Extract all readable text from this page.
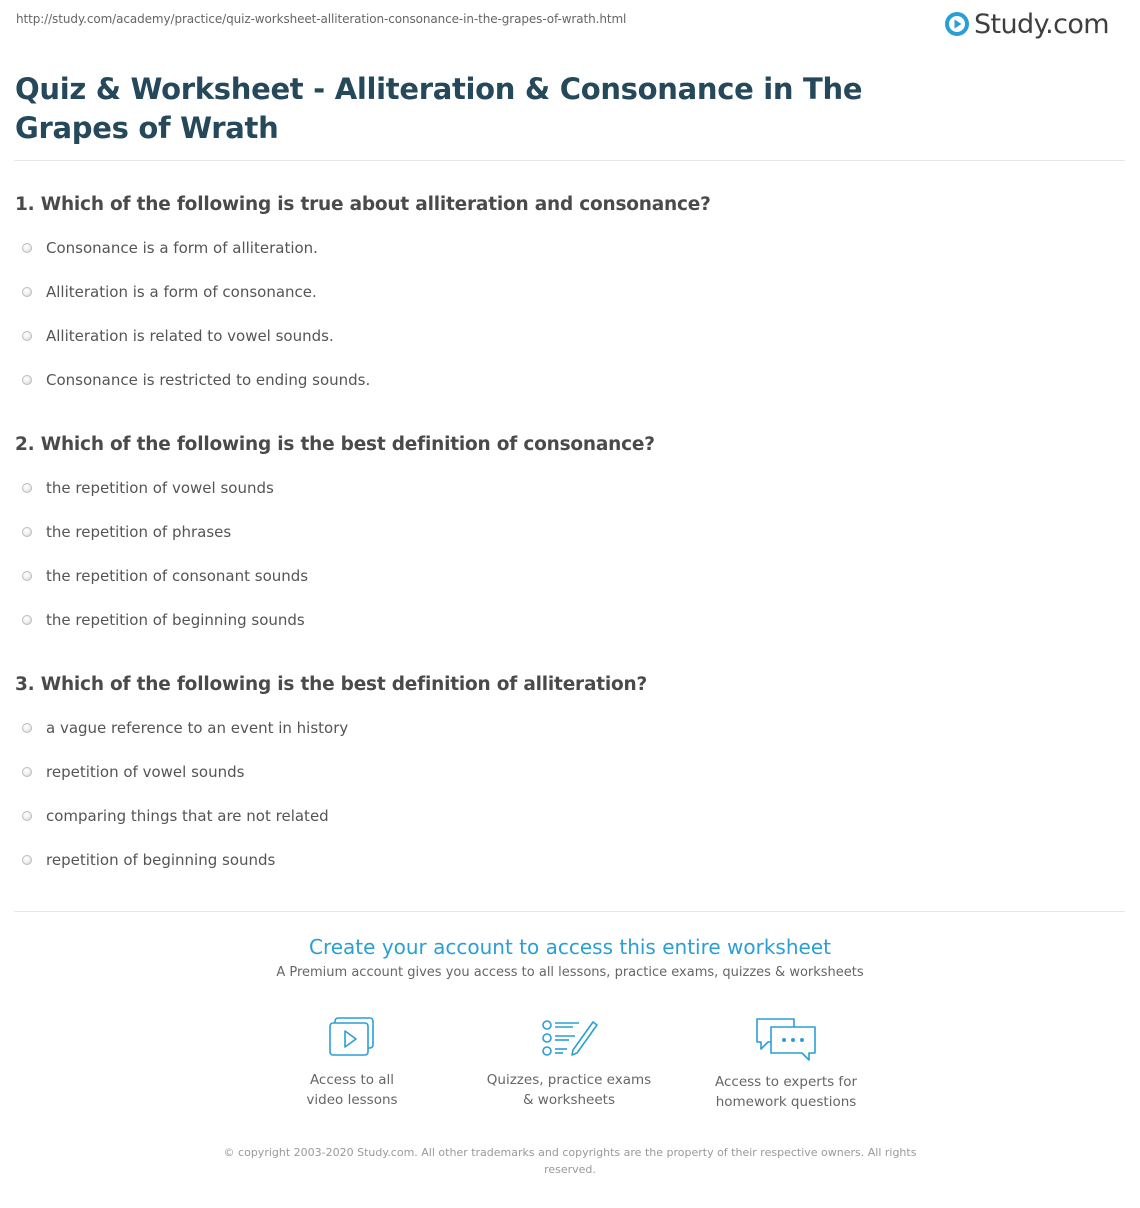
http://study.com/academy/practice/quiz-worksheet-alliteration-consonance-in-the-grapes-of-wrath.html	Study.com
Quiz & Worksheet - Alliteration & Consonance in The Grapes of Wrath
1. Which of the following is true about alliteration and consonance?
Consonance is a form of alliteration.
Alliteration is a form of consonance.
Alliteration is related to vowel sounds.
Consonance is restricted to ending sounds.
2. Which of the following is the best definition of consonance?
the repetition of vowel sounds
the repetition of phrases
the repetition of consonant sounds
the repetition of beginning sounds
3. Which of the following is the best definition of alliteration?
a vague reference to an event in history
repetition of vowel sounds
comparing things that are not related
repetition of beginning sounds
Create your account to access this entire worksheet
A Premium account gives you access to all lessons, practice exams, quizzes & worksheets
Access to all
video lessons
Quizzes, practice exams
& worksheets
Access to experts for
homework questions
© copyright 2003-2020 Study.com. All other trademarks and copyrights are the property of their respective owners. All rights reserved.
